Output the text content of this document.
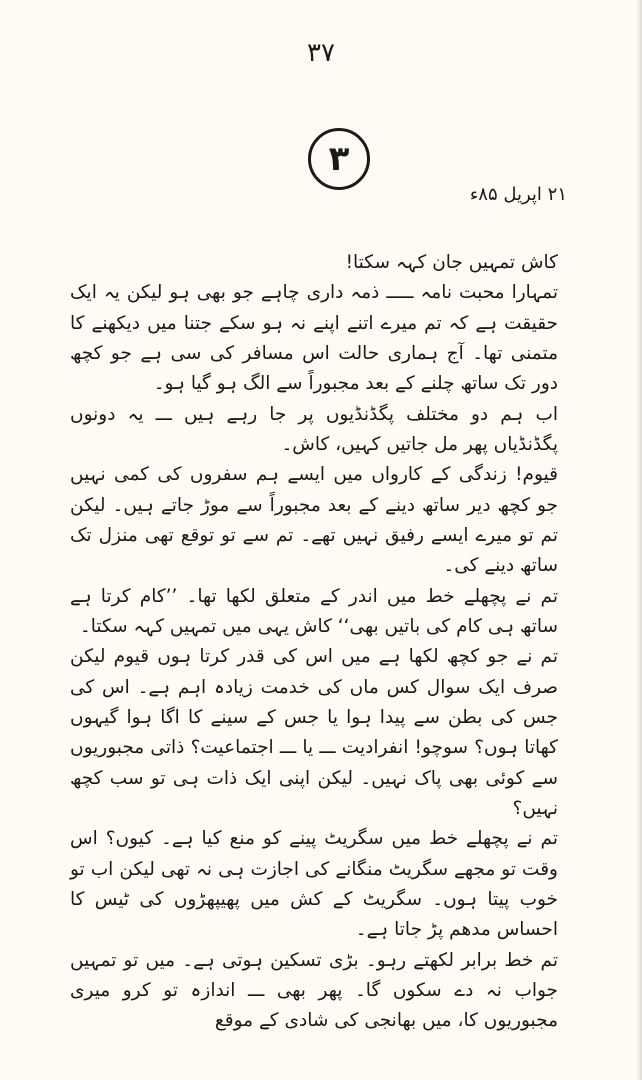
۳۷
۳
۲۱ اپریل ۸۵ء

کاش تمہیں جان کہہ سکتا!

تمہارا محبت نامہ ـــــ ذمہ داری چاہے جو بھی ہو لیکن یہ ایک حقیقت ہے کہ تم میرے اتنے اپنے نہ ہو سکے جتنا میں دیکھنے کا متمنی تھا۔ آج ہماری حالت اس مسافر کی سی ہے جو کچھ دور تک ساتھ چلنے کے بعد مجبوراً سے الگ ہو گیا ہو۔

اب ہم دو مختلف پگڈنڈیوں پر جا رہے ہیں ـــ یہ دونوں پگڈنڈیاں پھر مل جاتیں کہیں، کاش۔

قیوم! زندگی کے کارواں میں ایسے ہم سفروں کی کمی نہیں جو کچھ دیر ساتھ دینے کے بعد مجبوراً سے موڑ جاتے ہیں۔ لیکن تم تو میرے ایسے رفیق نہیں تھے۔ تم سے تو توقع تھی منزل تک ساتھ دینے کی۔

تم نے پچھلے خط میں اندر کے متعلق لکھا تھا۔ ’’کام کرتا ہے ساتھ ہی کام کی باتیں بھی‘‘ کاش یہی میں تمہیں کہہ سکتا۔

تم نے جو کچھ لکھا ہے میں اس کی قدر کرتا ہوں قیوم لیکن صرف ایک سوال کس ماں کی خدمت زیادہ اہم ہے۔ اس کی جس کی بطن سے پیدا ہوا یا جس کے سینے کا اگا ہوا گیہوں کھاتا ہوں؟ سوچو! انفرادیت ـــ یا ـــ اجتماعیت؟ ذاتی مجبوریوں سے کوئی بھی پاک نہیں۔ لیکن اپنی ایک ذات ہی تو سب کچھ نہیں؟

تم نے پچھلے خط میں سگریٹ پینے کو منع کیا ہے۔ کیوں؟ اس وقت تو مجھے سگریٹ منگانے کی اجازت ہی نہ تھی لیکن اب تو خوب پیتا ہوں۔ سگریٹ کے کش میں پھیپھڑوں کی ٹیس کا احساس مدھم پڑ جاتا ہے۔

تم خط برابر لکھتے رہو۔ بڑی تسکین ہوتی ہے۔ میں تو تمہیں جواب نہ دے سکوں گا۔ پھر بھی ـــ اندازہ تو کرو میری مجبوریوں کا، میں بھانجی کی شادی کے موقع
